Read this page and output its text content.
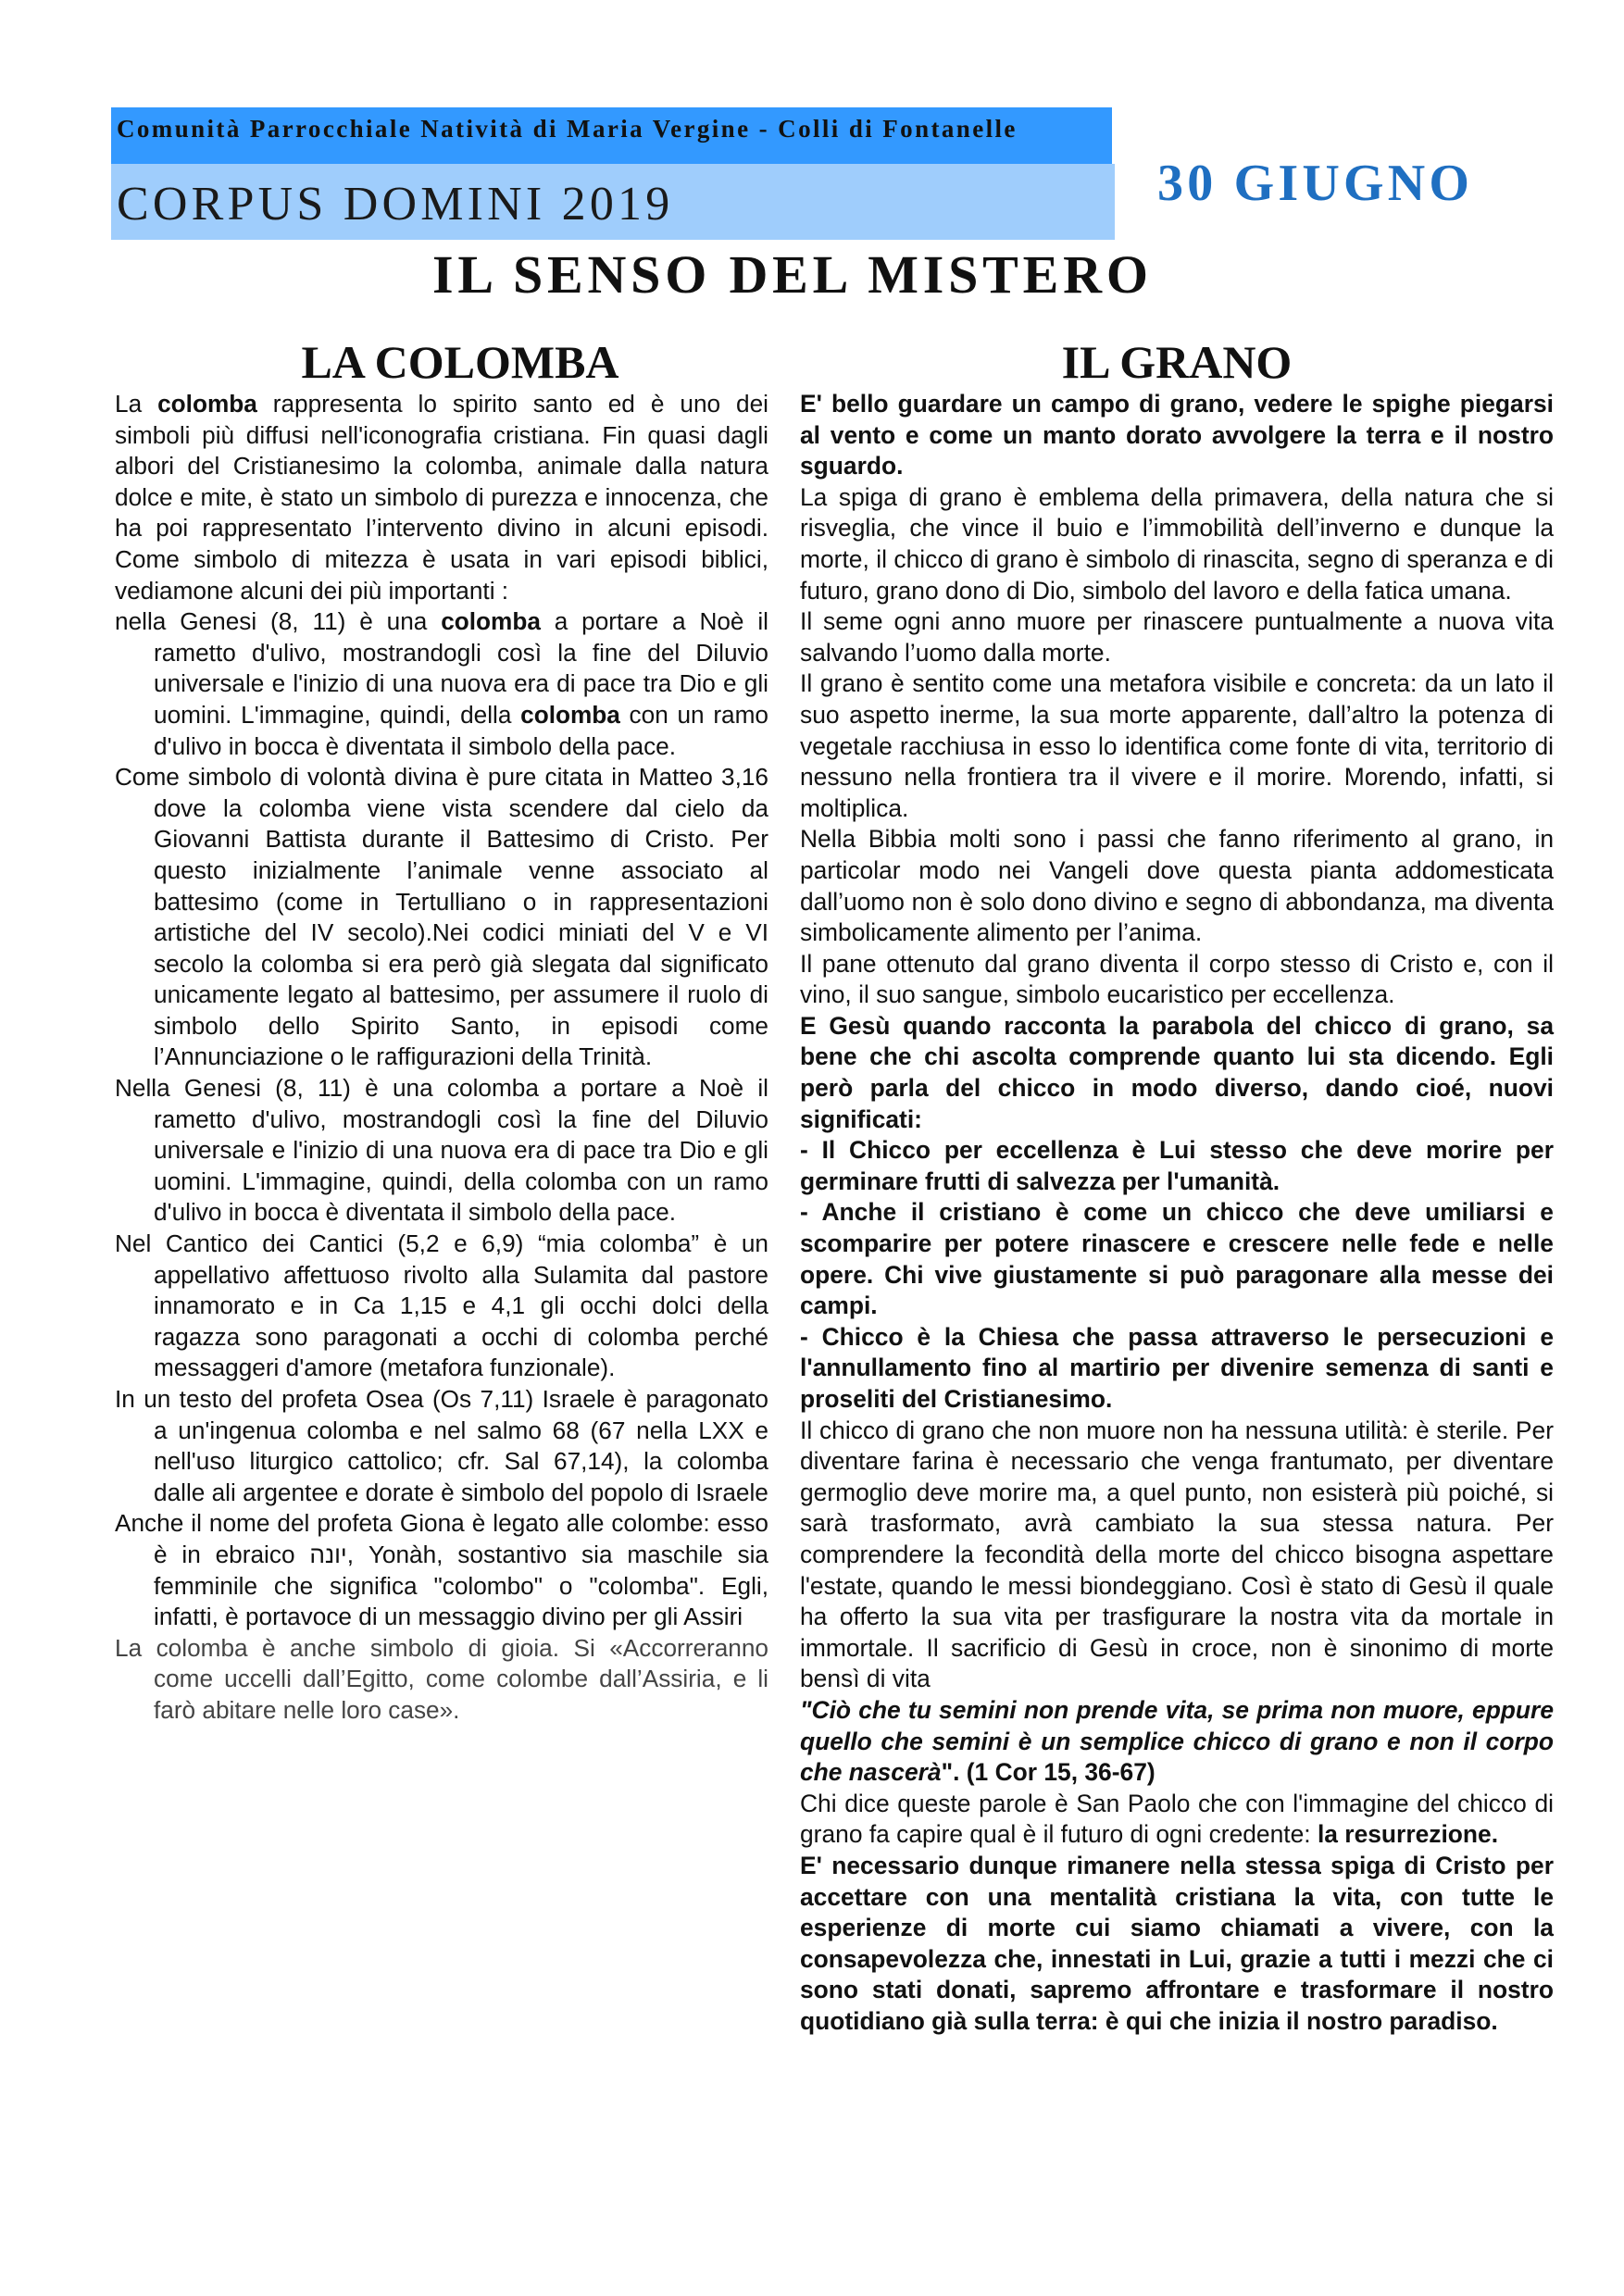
Comunità Parrocchiale Natività di Maria Vergine - Colli di Fontanelle
CORPUS DOMINI 2019	30 GIUGNO
IL SENSO DEL MISTERO
LA COLOMBA

La colomba rappresenta lo spirito santo ed è uno dei simboli più diffusi nell'iconografia cristiana. Fin quasi dagli albori del Cristianesimo la colomba, animale dalla natura dolce e mite, è stato un simbolo di purezza e innocenza, che ha poi rappresentato l’intervento divino in alcuni episodi. Come simbolo di mitezza è usata in vari episodi biblici, vediamone alcuni dei più importanti :

nella Genesi (8, 11) è una colomba a portare a Noè il rametto d'ulivo, mostrandogli così la fine del Diluvio universale e l'inizio di una nuova era di pace tra Dio e gli uomini. L'immagine, quindi, della colomba con un ramo d'ulivo in bocca è diventata il simbolo della pace.

Come simbolo di volontà divina è pure citata in Matteo 3,16 dove la colomba viene vista scendere dal cielo da Giovanni Battista durante il Battesimo di Cristo. Per questo inizialmente l’animale venne associato al battesimo (come in Tertulliano o in rappresentazioni artistiche del IV secolo).Nei codici miniati del V e VI secolo la colomba si era però già slegata dal significato unicamente legato al battesimo, per assumere il ruolo di simbolo dello Spirito Santo, in episodi come l’Annunciazione o le raffigurazioni della Trinità.

Nella Genesi (8, 11) è una colomba a portare a Noè il rametto d'ulivo, mostrandogli così la fine del Diluvio universale e l'inizio di una nuova era di pace tra Dio e gli uomini. L'immagine, quindi, della colomba con un ramo d'ulivo in bocca è diventata il simbolo della pace.

Nel Cantico dei Cantici (5,2 e 6,9) “mia colomba” è un appellativo affettuoso rivolto alla Sulamita dal pastore innamorato e in Ca 1,15 e 4,1 gli occhi dolci della ragazza sono paragonati a occhi di colomba perché messaggeri d'amore (metafora funzionale).

In un testo del profeta Osea (Os 7,11) Israele è paragonato a un'ingenua colomba e nel salmo 68 (67 nella LXX e nell'uso liturgico cattolico; cfr. Sal 67,14), la colomba dalle ali argentee e dorate è simbolo del popolo di Israele

Anche il nome del profeta Giona è legato alle colombe: esso è in ebraico ‏יונה, Yonàh, sostantivo sia maschile sia femminile che significa "colombo" o "colomba". Egli, infatti, è portavoce di un messaggio divino per gli Assiri

La colomba è anche simbolo di gioia. Si «Accorreranno come uccelli dall’Egitto, come colombe dall’Assiria, e li farò abitare nelle loro case».

IL GRANO

E' bello guardare un campo di grano, vedere le spighe piegarsi al vento e come un manto dorato avvolgere la terra e il nostro sguardo.

La spiga di grano è emblema della primavera, della natura che si risveglia, che vince il buio e l’immobilità dell’inverno e dunque la morte, il chicco di grano è simbolo di rinascita, segno di speranza e di futuro, grano dono di Dio, simbolo del lavoro e della fatica umana.

Il seme ogni anno muore per rinascere puntualmente a nuova vita salvando l’uomo dalla morte.

Il grano è sentito come una metafora visibile e concreta: da un lato il suo aspetto inerme, la sua morte apparente, dall’altro la potenza di vegetale racchiusa in esso lo identifica come fonte di vita, territorio di nessuno nella frontiera tra il vivere e il morire. Morendo, infatti, si moltiplica.

Nella Bibbia molti sono i passi che fanno riferimento al grano, in particolar modo nei Vangeli dove questa pianta addomesticata dall’uomo non è solo dono divino e segno di abbondanza, ma diventa simbolicamente alimento per l’anima.

Il pane ottenuto dal grano diventa il corpo stesso di Cristo e, con il vino, il suo sangue, simbolo eucaristico per eccellenza.

E Gesù quando racconta la parabola del chicco di grano, sa bene che chi ascolta comprende quanto lui sta dicendo. Egli però parla del chicco in modo diverso, dando cioé, nuovi significati:

- Il Chicco per eccellenza è Lui stesso che deve morire per germinare frutti di salvezza per l'umanità.

- Anche il cristiano è come un chicco che deve umiliarsi e scomparire per potere rinascere e crescere nelle fede e nelle opere. Chi vive giustamente si può paragonare alla messe dei campi.

- Chicco è la Chiesa che passa attraverso le persecuzioni e l'annullamento fino al martirio per divenire semenza di santi e proseliti del Cristianesimo.

Il chicco di grano che non muore non ha nessuna utilità: è sterile. Per diventare farina è necessario che venga frantumato, per diventare germoglio deve morire ma, a quel punto, non esisterà più poiché, si sarà trasformato, avrà cambiato la sua stessa natura. Per comprendere la fecondità della morte del chicco bisogna aspettare l'estate, quando le messi biondeggiano. Così è stato di Gesù il quale ha offerto la sua vita per trasfigurare la nostra vita da mortale in immortale. Il sacrificio di Gesù in croce, non è sinonimo di morte bensì di vita

"Ciò che tu semini non prende vita, se prima non muore, eppure quello che semini è un semplice chicco di grano e non il corpo che nascerà". (1 Cor 15, 36-67)

Chi dice queste parole è San Paolo che con l'immagine del chicco di grano fa capire qual è il futuro di ogni credente: la resurrezione.

E' necessario dunque rimanere nella stessa spiga di Cristo per accettare con una mentalità cristiana la vita, con tutte le esperienze di morte cui siamo chiamati a vivere, con la consapevolezza che, innestati in Lui, grazie a tutti i mezzi che ci sono stati donati, sapremo affrontare e trasformare il nostro quotidiano già sulla terra: è qui che inizia il nostro paradiso.
